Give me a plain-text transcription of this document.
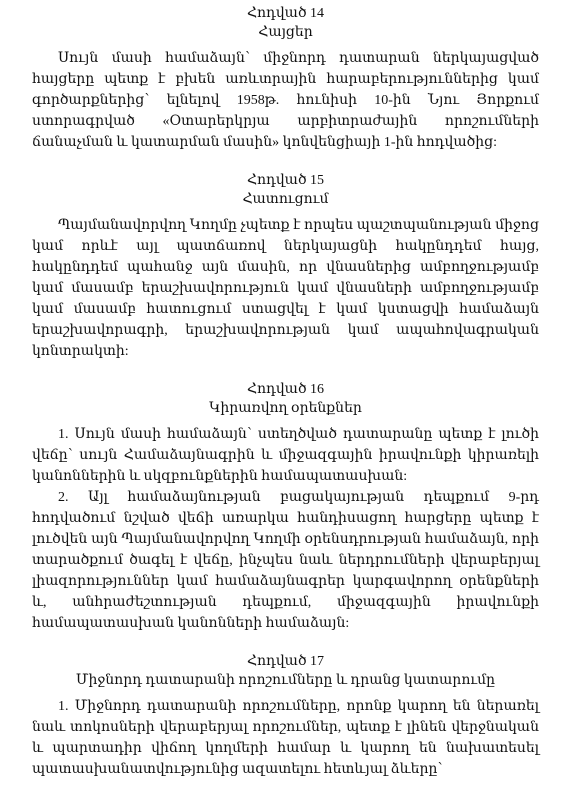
Հոդված 14

Հայցեր

Սույն մասի համաձայն՝ միջնորդ դատարան ներկայացված հայցերը պետք է բխեն առևտրային հարաբերություններից կամ գործարքներից՝ ելնելով 1958թ. հունիսի 10-ին Նյու Յորքում ստորագրված «Օտարերկրյա արբիտրաժային որոշումների ճանաչման և կատարման մասին» կոնվենցիայի 1-ին հոդվածից:

Հոդված 15

Հատուցում

Պայմանավորվող Կողմը չպետք է որպես պաշտպանության միջոց կամ որևէ այլ պատճառով ներկայացնի հակընդդեմ հայց, հակընդդեմ պահանջ այն մասին, որ վնասներից ամբողջությամբ կամ մասամբ երաշխավորություն կամ վնասների ամբողջությամբ կամ մասամբ հատուցում ստացվել է կամ կստացվի համաձայն երաշխավորագրի, երաշխավորության կամ ապահովագրական կոնտրակտի:

Հոդված 16

Կիրառվող օրենքներ

1. Սույն մասի համաձայն՝ ստեղծված դատարանը պետք է լուծի վեճը՝ սույն Համաձայնագրին և միջազգային իրավունքի կիրառելի կանոններին և սկզբունքներին համապատասխան:

2. Այլ համաձայնության բացակայության դեպքում 9-րդ հոդվածում նշված վեճի առարկա հանդիսացող հարցերը պետք է լուծվեն այն Պայմանավորվող Կողմի օրենսդրության համաձայն, որի տարածքում ծագել է վեճը, ինչպես նաև ներդրումների վերաբերյալ լիազորություններ կամ համաձայնագրեր կարգավորող օրենքների և, անհրաժեշտության դեպքում, միջազգային իրավունքի համապատասխան կանոնների համաձայն:

Հոդված 17

Միջնորդ դատարանի որոշումները և դրանց կատարումը

1. Միջնորդ դատարանի որոշումները, որոնք կարող են ներառել նաև տոկոսների վերաբերյալ որոշումներ, պետք է լինեն վերջնական և պարտադիր վիճող կողմերի համար և կարող են նախատեսել պատասխանատվությունից ազատելու հետևյալ ձևերը՝
